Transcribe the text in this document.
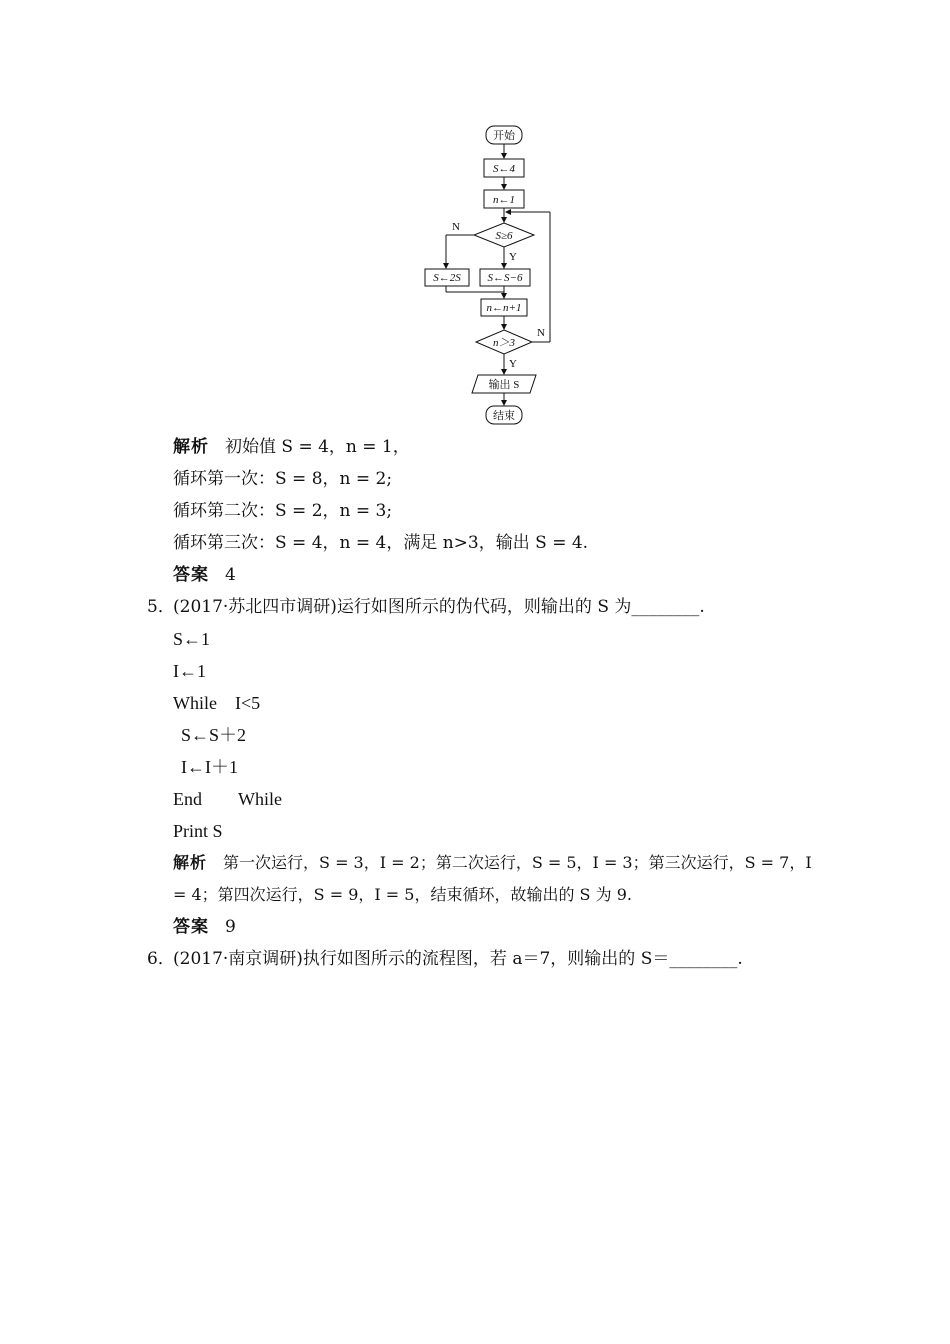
开始
S←4
n←1
S≥6
N
Y
S←2S S←S−6
n←n+1
n＞3
N
Y
输出 S
结束
解析 初始值 S = 4，n = 1，
循环第一次：S = 8，n = 2;
循环第二次：S = 2，n = 3;
循环第三次：S = 4，n = 4，满足 n>3，输出 S = 4.
答案 4
5．
(2017·苏北四市调研)运行如图所示的伪代码，则输出的 S 为________.
S←1
I←1
While　I<5
S←S＋2
I←I＋1
End　　While
Print S
解析 第一次运行，S = 3，I = 2；第二次运行，S = 5，I = 3；第三次运行，S = 7，I
= 4；第四次运行，S = 9，I = 5，结束循环，故输出的 S 为 9.
答案 9
6．
(2017·南京调研)执行如图所示的流程图，若 a＝7，则输出的 S＝________.
